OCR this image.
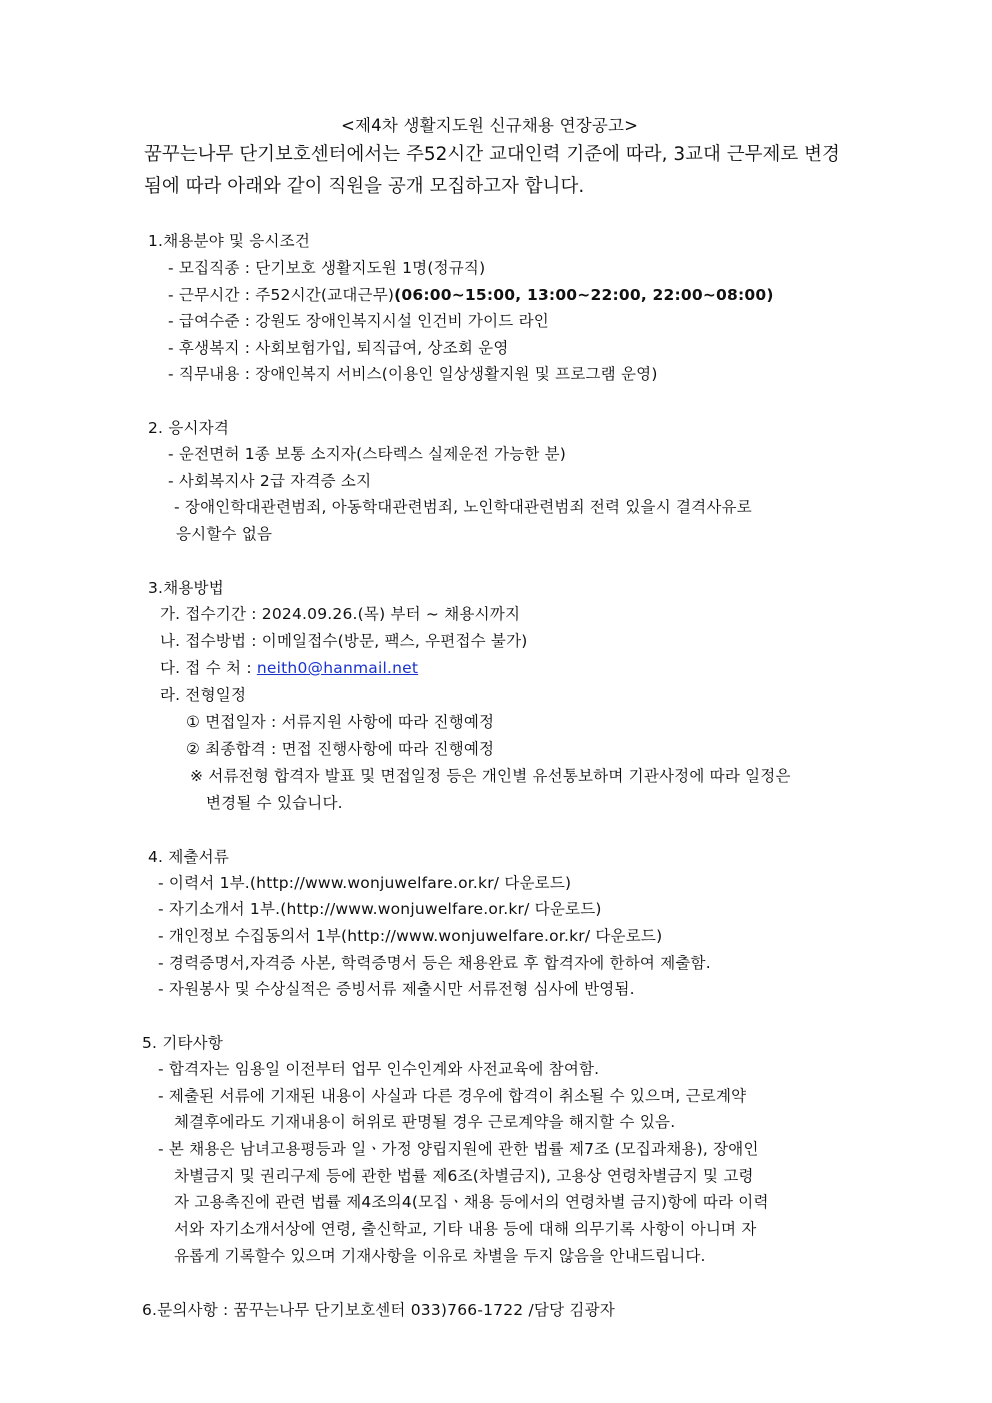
<제4차 생활지도원 신규채용 연장공고>
꿈꾸는나무 단기보호센터에서는 주52시간 교대인력 기준에 따라, 3교대 근무제로 변경
됨에 따라 아래와 같이 직원을 공개 모집하고자 합니다.
1.채용분야 및 응시조건
- 모집직종 : 단기보호 생활지도원 1명(정규직)
- 근무시간 : 주52시간(교대근무)(06:00~15:00, 13:00~22:00, 22:00~08:00)
- 급여수준 : 강원도 장애인복지시설 인건비 가이드 라인
- 후생복지 : 사회보험가입, 퇴직급여, 상조회 운영
- 직무내용 : 장애인복지 서비스(이용인 일상생활지원 및 프로그램 운영)
2. 응시자격
- 운전면허 1종 보통 소지자(스타렉스 실제운전 가능한 분)
- 사회복지사 2급 자격증 소지
- 장애인학대관련범죄, 아동학대관련범죄, 노인학대관련범죄 전력 있을시 결격사유로
응시할수 없음
3.채용방법
가. 접수기간 : 2024.09.26.(목) 부터 ~ 채용시까지
나. 접수방법 : 이메일접수(방문, 팩스, 우편접수 불가)
다. 접 수 처 : neith0@hanmail.net
라. 전형일정
① 면접일자 : 서류지원 사항에 따라 진행예정
② 최종합격 : 면접 진행사항에 따라 진행예정
※ 서류전형 합격자 발표 및 면접일정 등은 개인별 유선통보하며 기관사정에 따라 일정은
변경될 수 있습니다.
4. 제출서류
- 이력서 1부.(http://www.wonjuwelfare.or.kr/ 다운로드)
- 자기소개서 1부.(http://www.wonjuwelfare.or.kr/ 다운로드)
- 개인정보 수집동의서 1부(http://www.wonjuwelfare.or.kr/ 다운로드)
- 경력증명서,자격증 사본, 학력증명서 등은 채용완료 후 합격자에 한하여 제출함.
- 자원봉사 및 수상실적은 증빙서류 제출시만 서류전형 심사에 반영됨.
5. 기타사항
- 합격자는 임용일 이전부터 업무 인수인계와 사전교육에 참여함.
- 제출된 서류에 기재된 내용이 사실과 다른 경우에 합격이 취소될 수 있으며, 근로계약
체결후에라도 기재내용이 허위로 판명될 경우 근로계약을 해지할 수 있음.
- 본 채용은 남녀고용평등과 일ㆍ가정 양립지원에 관한 법률 제7조 (모집과채용), 장애인
차별금지 및 권리구제 등에 관한 법률 제6조(차별금지), 고용상 연령차별금지 및 고령
자 고용촉진에 관련 법률 제4조의4(모집ㆍ채용 등에서의 연령차별 금지)항에 따라 이력
서와 자기소개서상에 연령, 출신학교, 기타 내용 등에 대해 의무기록 사항이 아니며 자
유롭게 기록할수 있으며 기재사항을 이유로 차별을 두지 않음을 안내드립니다.
6.문의사항 : 꿈꾸는나무 단기보호센터 033)766-1722 /담당 김광자
